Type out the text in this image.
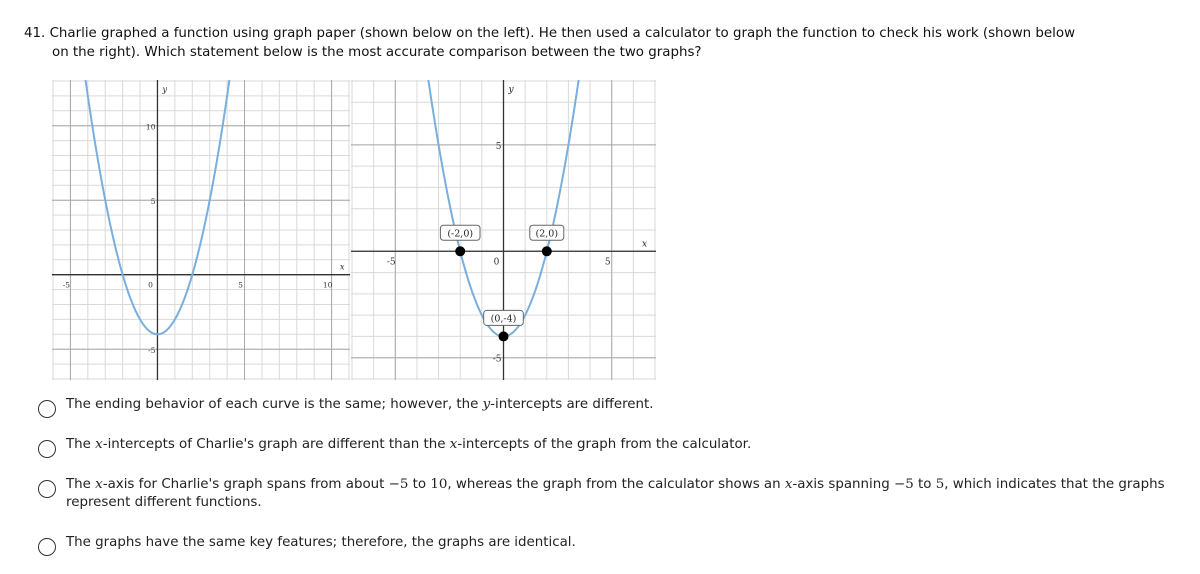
41. Charlie graphed a function using graph paper (shown below on the left). He then used a calculator to graph the function to check his work (shown below
on the right). Which statement below is the most accurate comparison between the two graphs?
y
x
-5	0	5	10
10
5
-5
y
x
-5	0	5
5
-5
(-2,0)	(2,0)
(0,-4)
The ending behavior of each curve is the same; however, the y-intercepts are different.
The x-intercepts of Charlie's graph are different than the x-intercepts of the graph from the calculator.
The x-axis for Charlie's graph spans from about −5 to 10, whereas the graph from the calculator shows an x-axis spanning −5 to 5, which indicates that the graphs represent different functions.
The graphs have the same key features; therefore, the graphs are identical.
